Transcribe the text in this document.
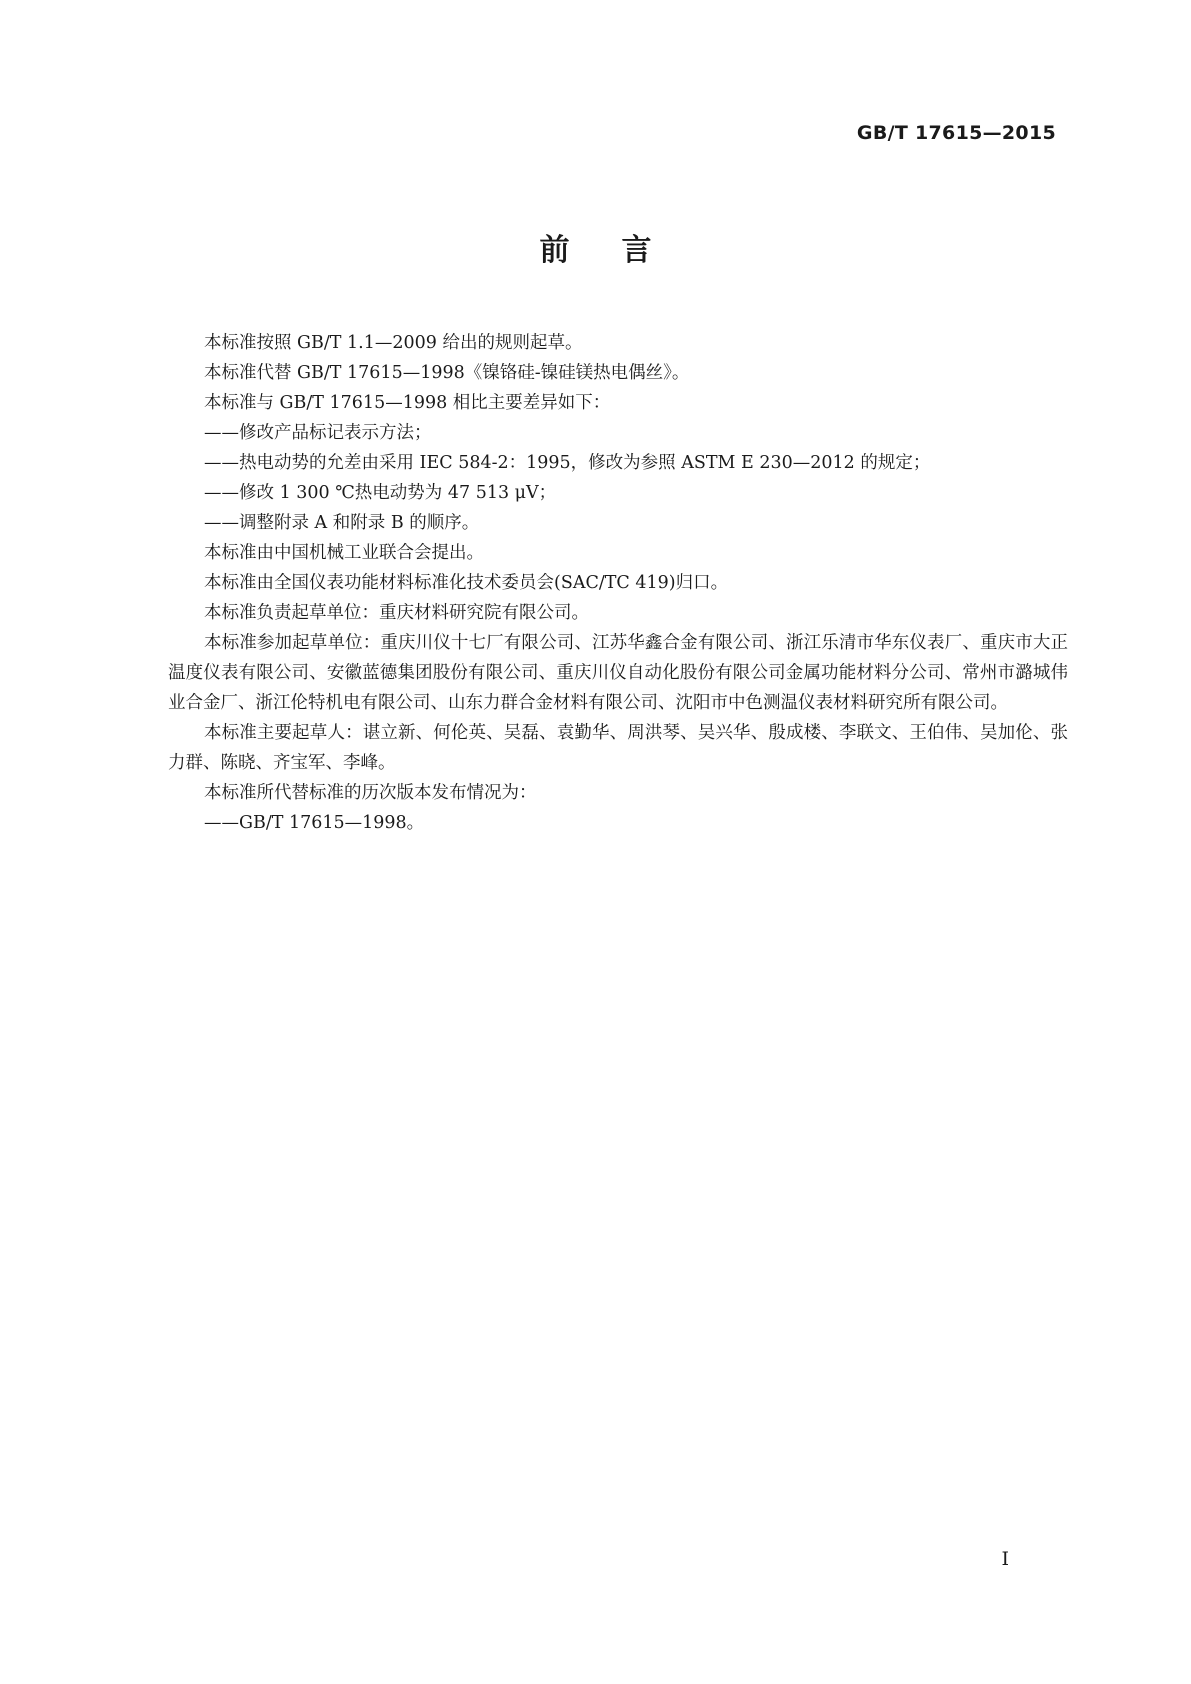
GB/T 17615—2015
前言

本标准按照 GB/T 1.1—2009 给出的规则起草。

本标准代替 GB/T 17615—1998《镍铬硅-镍硅镁热电偶丝》。

本标准与 GB/T 17615—1998 相比主要差异如下：

——修改产品标记表示方法；

——热电动势的允差由采用 IEC 584-2：1995，修改为参照 ASTM E 230—2012 的规定；

——修改 1 300 ℃热电动势为 47 513 μV；

——调整附录 A 和附录 B 的顺序。

本标准由中国机械工业联合会提出。

本标准由全国仪表功能材料标准化技术委员会(SAC/TC 419)归口。

本标准负责起草单位：重庆材料研究院有限公司。

本标准参加起草单位：重庆川仪十七厂有限公司、江苏华鑫合金有限公司、浙江乐清市华东仪表厂、重庆市大正温度仪表有限公司、安徽蓝德集团股份有限公司、重庆川仪自动化股份有限公司金属功能材料分公司、常州市潞城伟业合金厂、浙江伦特机电有限公司、山东力群合金材料有限公司、沈阳市中色测温仪表材料研究所有限公司。

本标准主要起草人：谌立新、何伦英、吴磊、袁勤华、周洪琴、吴兴华、殷成楼、李联文、王伯伟、吴加伦、张力群、陈晓、齐宝军、李峰。

本标准所代替标准的历次版本发布情况为：

——GB/T 17615—1998。

I
